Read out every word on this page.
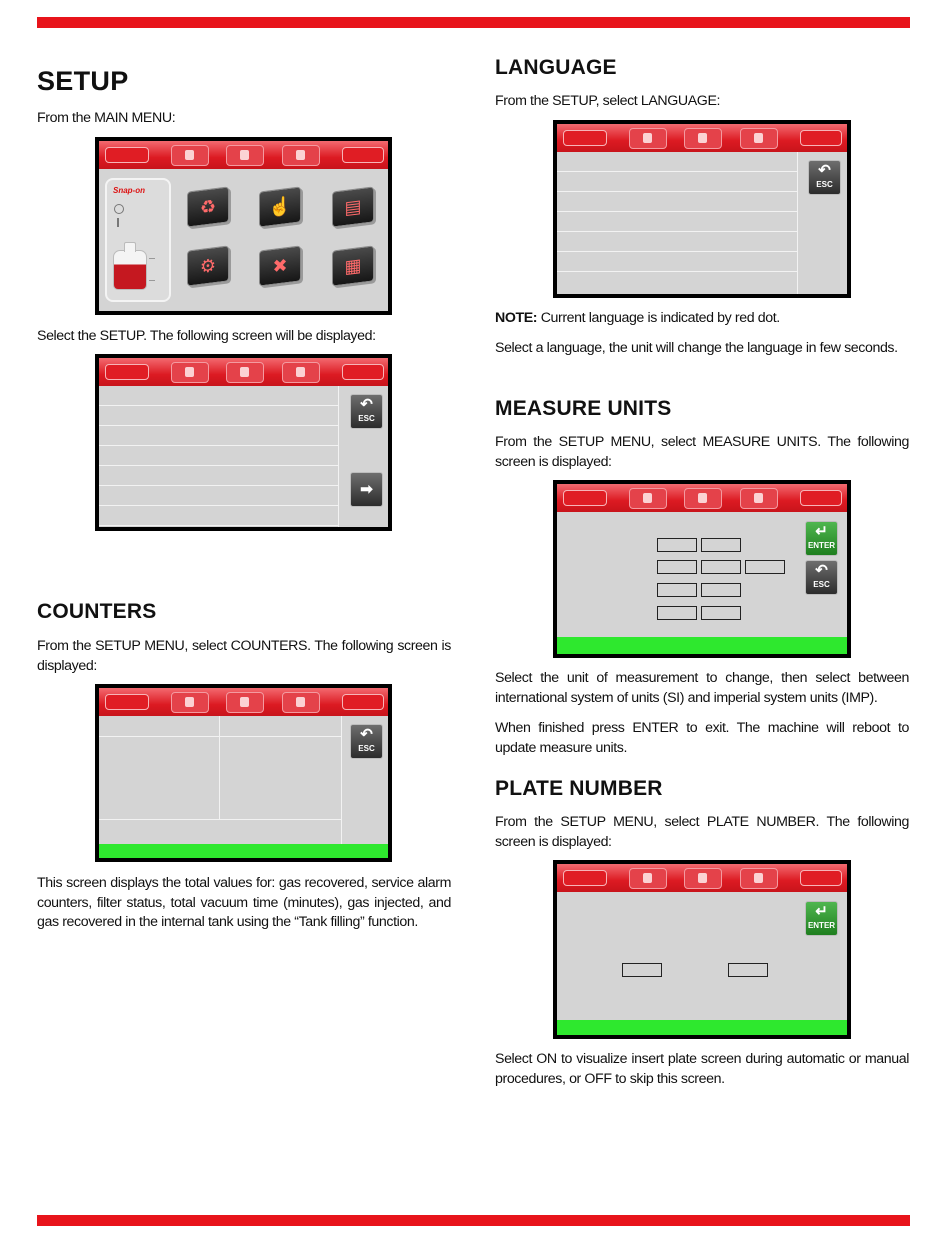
SETUP

From the MAIN MENU:

Snap-on
♻	☝	▤
⚙	✖	▦

Select the SETUP. The following screen will be displayed:

↶
ESC
➡
COUNTERS

From the SETUP MENU, select COUNTERS. The following screen is displayed:

↶
ESC

This screen displays the total values for: gas recovered, service alarm counters, filter status, total vacuum time (minutes), gas injected, and gas recovered in the internal tank using the “Tank filling” function.

LANGUAGE

From the SETUP, select LANGUAGE:

↶
ESC

NOTE: Current language is indicated by red dot.

Select a language, the unit will change the language in few seconds.

MEASURE UNITS

From the SETUP MENU, select MEASURE UNITS. The following screen is displayed:

↵
ENTER
↶
ESC

Select the unit of measurement to change, then select between international system of units (SI) and imperial system units (IMP).

When finished press ENTER to exit. The machine will reboot to update measure units.

PLATE NUMBER

From the SETUP MENU, select PLATE NUMBER. The following screen is displayed:

↵
ENTER

Select ON to visualize insert plate screen during automatic or manual procedures, or OFF to skip this screen.
